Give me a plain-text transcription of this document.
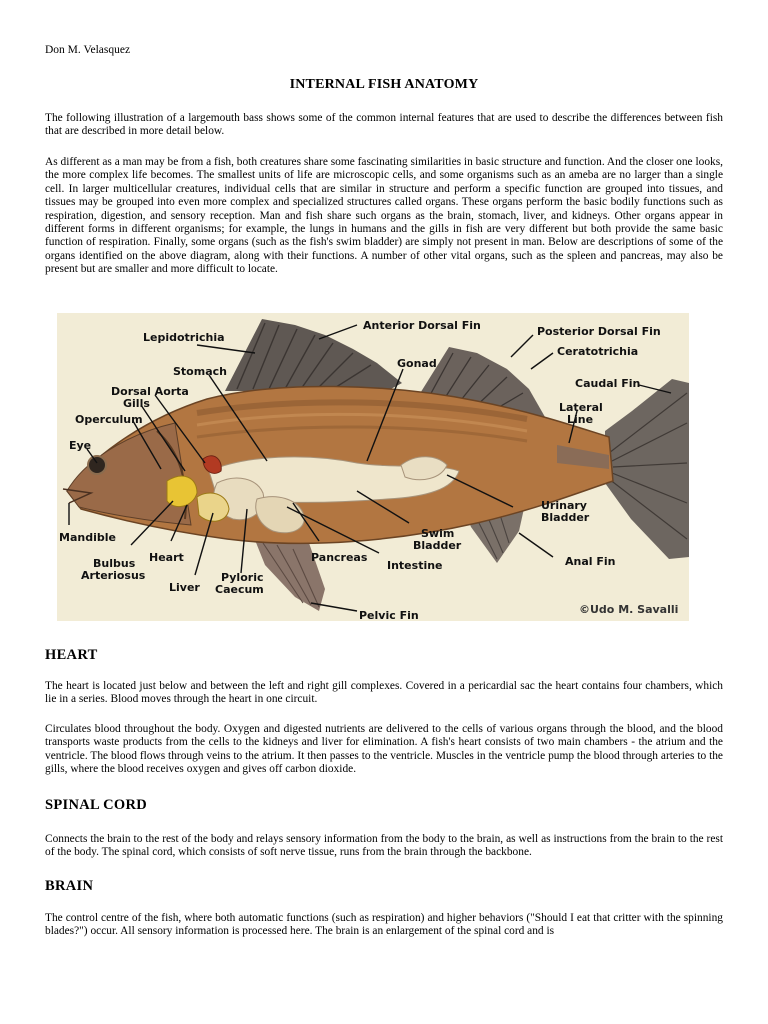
Don M. Velasquez
INTERNAL FISH ANATOMY

The following illustration of a largemouth bass shows some of the common internal features that are used to describe the differences between fish that are described in more detail below.

As different as a man may be from a fish, both creatures share some fascinating similarities in basic structure and function. And the closer one looks, the more complex life becomes. The smallest units of life are microscopic cells, and some organisms such as an ameba are no larger than a single cell. In larger multicellular creatures, individual cells that are similar in structure and perform a specific function are grouped into tissues, and tissues may be grouped into even more complex and specialized structures called organs. These organs perform the basic bodily functions such as respiration, digestion, and sensory reception. Man and fish share such organs as the brain, stomach, liver, and kidneys. Other organs appear in different forms in different organisms; for example, the lungs in humans and the gills in fish are very different but both provide the same basic function of respiration. Finally, some organs (such as the fish's swim bladder) are simply not present in man. Below are descriptions of some of the organs identified on the above diagram, along with their functions. A number of other vital organs, such as the spleen and pancreas, may also be present but are smaller and more difficult to locate.

Lepidotrichia
Anterior Dorsal Fin	Posterior Dorsal Fin
Ceratotrichia
Stomach
Gonad
Dorsal Aorta
Gills
Operculum
Caudal Fin
Lateral
Line
Eye
Mandible
Bulbus
Arteriosus
Heart
Liver
Pyloric
Caecum
Pancreas
Swim
Bladder
Intestine
Urinary
Bladder
Anal Fin
Pelvic Fin	©Udo M. Savalli
HEART

The heart is located just below and between the left and right gill complexes. Covered in a pericardial sac the heart contains four chambers, which lie in a series. Blood moves through the heart in one circuit.

Circulates blood throughout the body. Oxygen and digested nutrients are delivered to the cells of various organs through the blood, and the blood transports waste products from the cells to the kidneys and liver for elimination. A fish's heart consists of two main chambers - the atrium and the ventricle. The blood flows through veins to the atrium. It then passes to the ventricle. Muscles in the ventricle pump the blood through arteries to the gills, where the blood receives oxygen and gives off carbon dioxide.

SPINAL CORD

Connects the brain to the rest of the body and relays sensory information from the body to the brain, as well as instructions from the brain to the rest of the body. The spinal cord, which consists of soft nerve tissue, runs from the brain through the backbone.

BRAIN

The control centre of the fish, where both automatic functions (such as respiration) and higher behaviors ("Should I eat that critter with the spinning blades?") occur. All sensory information is processed here. The brain is an enlargement of the spinal cord and is
